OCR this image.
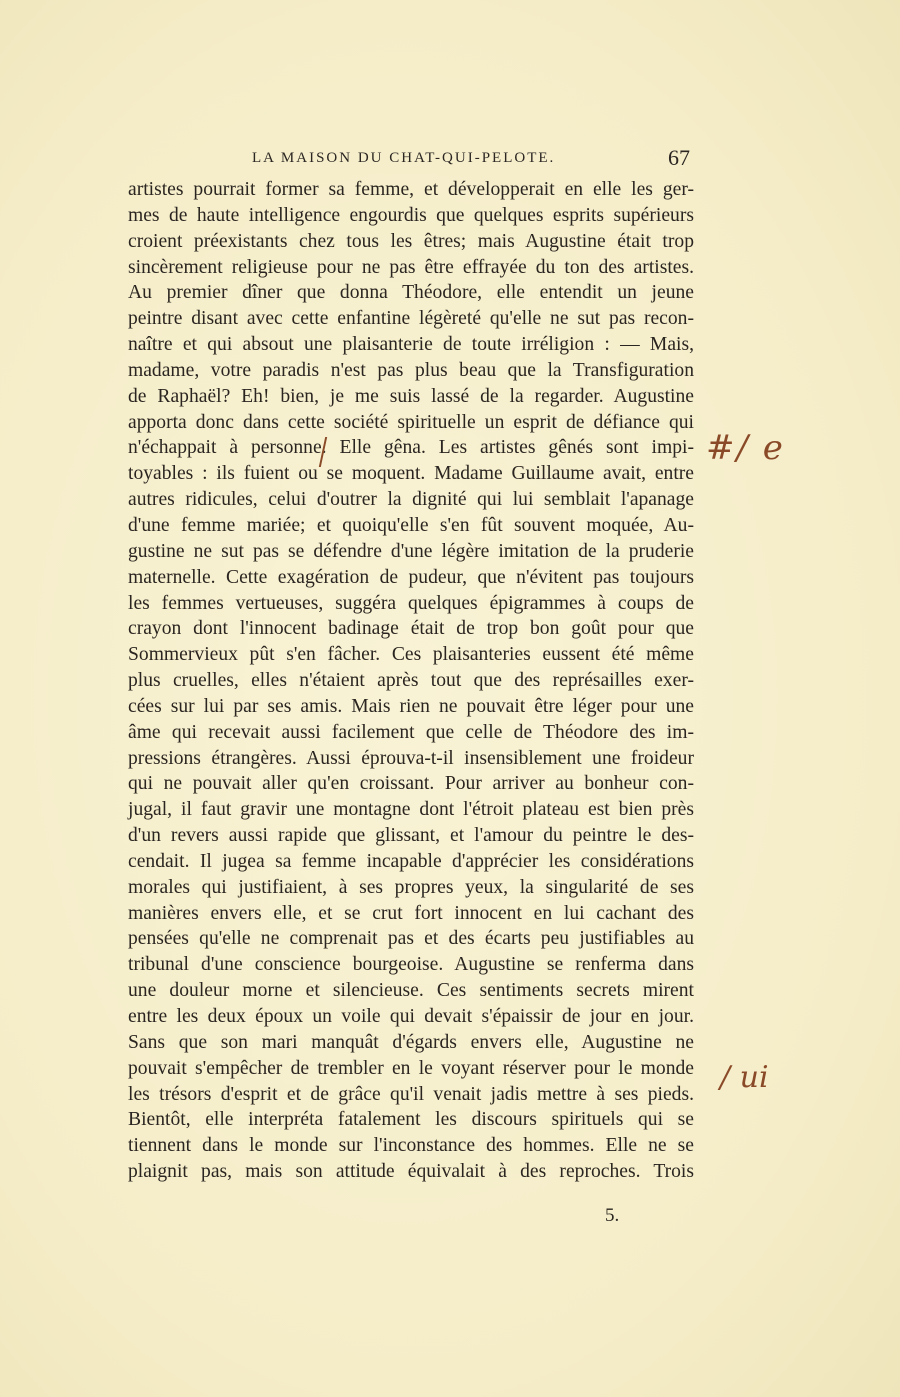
LA MAISON DU CHAT-QUI-PELOTE.	67
artistes pourrait former sa femme, et développerait en elle les ger-
mes de haute intelligence engourdis que quelques esprits supérieurs
croient préexistants chez tous les êtres; mais Augustine était trop
sincèrement religieuse pour ne pas être effrayée du ton des artistes.
Au premier dîner que donna Théodore, elle entendit un jeune
peintre disant avec cette enfantine légèreté qu'elle ne sut pas recon-
naître et qui absout une plaisanterie de toute irréligion : — Mais,
madame, votre paradis n'est pas plus beau que la Transfiguration
de Raphaël? Eh! bien, je me suis lassé de la regarder. Augustine
apporta donc dans cette société spirituelle un esprit de défiance qui
n'échappait à personne. Elle gêna. Les artistes gênés sont impi-
toyables : ils fuient ou se moquent. Madame Guillaume avait, entre
autres ridicules, celui d'outrer la dignité qui lui semblait l'apanage
d'une femme mariée; et quoiqu'elle s'en fût souvent moquée, Au-
gustine ne sut pas se défendre d'une légère imitation de la pruderie
maternelle. Cette exagération de pudeur, que n'évitent pas toujours
les femmes vertueuses, suggéra quelques épigrammes à coups de
crayon dont l'innocent badinage était de trop bon goût pour que
Sommervieux pût s'en fâcher. Ces plaisanteries eussent été même
plus cruelles, elles n'étaient après tout que des représailles exer-
cées sur lui par ses amis. Mais rien ne pouvait être léger pour une
âme qui recevait aussi facilement que celle de Théodore des im-
pressions étrangères. Aussi éprouva-t-il insensiblement une froideur
qui ne pouvait aller qu'en croissant. Pour arriver au bonheur con-
jugal, il faut gravir une montagne dont l'étroit plateau est bien près
d'un revers aussi rapide que glissant, et l'amour du peintre le des-
cendait. Il jugea sa femme incapable d'apprécier les considérations
morales qui justifiaient, à ses propres yeux, la singularité de ses
manières envers elle, et se crut fort innocent en lui cachant des
pensées qu'elle ne comprenait pas et des écarts peu justifiables au
tribunal d'une conscience bourgeoise. Augustine se renferma dans
une douleur morne et silencieuse. Ces sentiments secrets mirent
entre les deux époux un voile qui devait s'épaissir de jour en jour.
Sans que son mari manquât d'égards envers elle, Augustine ne
pouvait s'empêcher de trembler en le voyant réserver pour le monde
les trésors d'esprit et de grâce qu'il venait jadis mettre à ses pieds.
Bientôt, elle interpréta fatalement les discours spirituels qui se
tiennent dans le monde sur l'inconstance des hommes. Elle ne se
plaignit pas, mais son attitude équivalait à des reproches. Trois
#/ e
/ ui
5.
